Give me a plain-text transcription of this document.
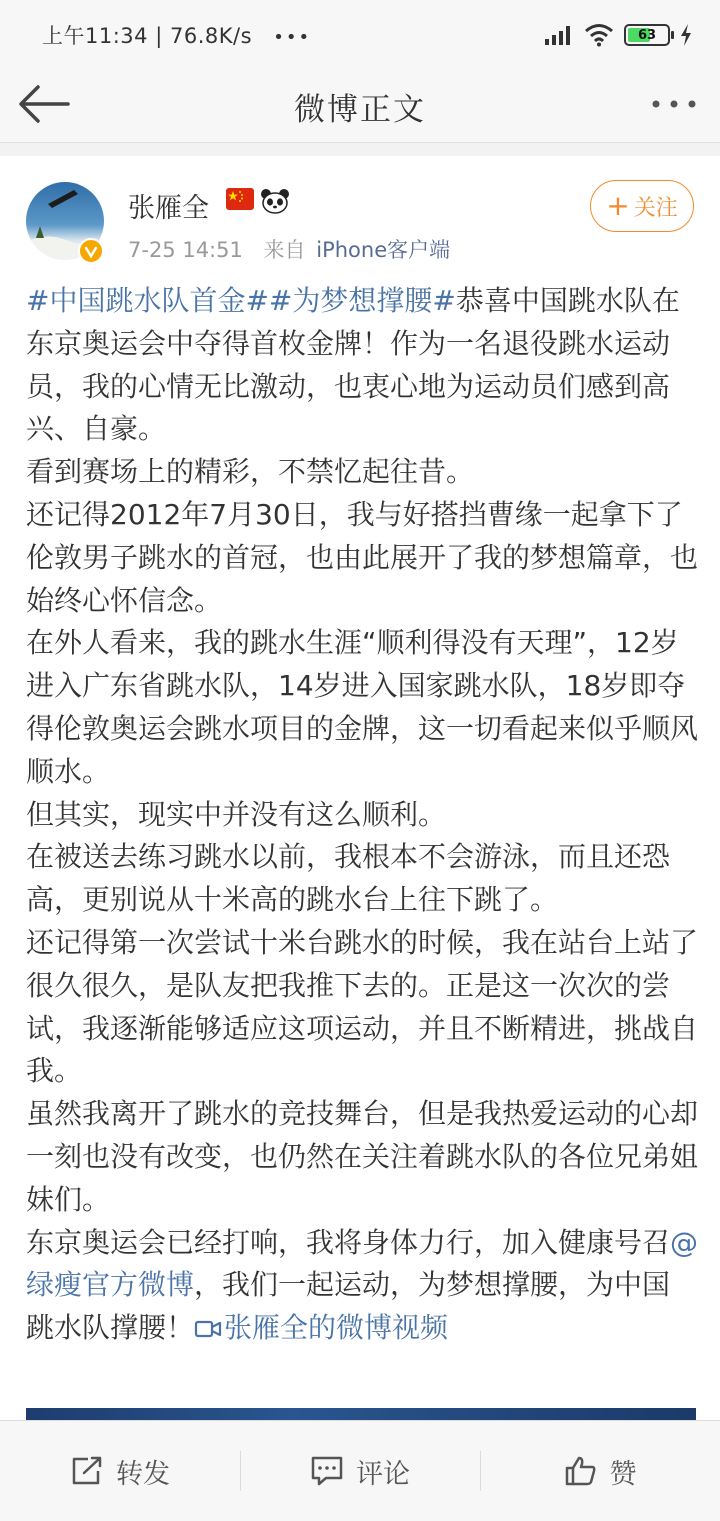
上午11:34 | 76.8K/s •••	63
微博正文
张雁全
7-25 14:51 来自 iPhone客户端
+ 关注
#中国跳水队首金##为梦想撑腰#恭喜中国跳水队在东京奥运会中夺得首枚金牌！作为一名退役跳水运动员，我的心情无比激动，也衷心地为运动员们感到高兴、自豪。
看到赛场上的精彩，不禁忆起往昔。
还记得2012年7月30日，我与好搭挡曹缘一起拿下了伦敦男子跳水的首冠，也由此展开了我的梦想篇章，也始终心怀信念。
在外人看来，我的跳水生涯“顺利得没有天理”，12岁进入广东省跳水队，14岁进入国家跳水队，18岁即夺得伦敦奥运会跳水项目的金牌，这一切看起来似乎顺风顺水。
但其实，现实中并没有这么顺利。
在被送去练习跳水以前，我根本不会游泳，而且还恐高，更别说从十米高的跳水台上往下跳了。
还记得第一次尝试十米台跳水的时候，我在站台上站了很久很久，是队友把我推下去的。正是这一次次的尝试，我逐渐能够适应这项运动，并且不断精进，挑战自我。
虽然我离开了跳水的竞技舞台，但是我热爱运动的心却一刻也没有改变，也仍然在关注着跳水队的各位兄弟姐妹们。
东京奥运会已经打响，我将身体力行，加入健康号召@绿瘦官方微博，我们一起运动，为梦想撑腰，为中国跳水队撑腰！ 张雁全的微博视频
转发	评论	赞
